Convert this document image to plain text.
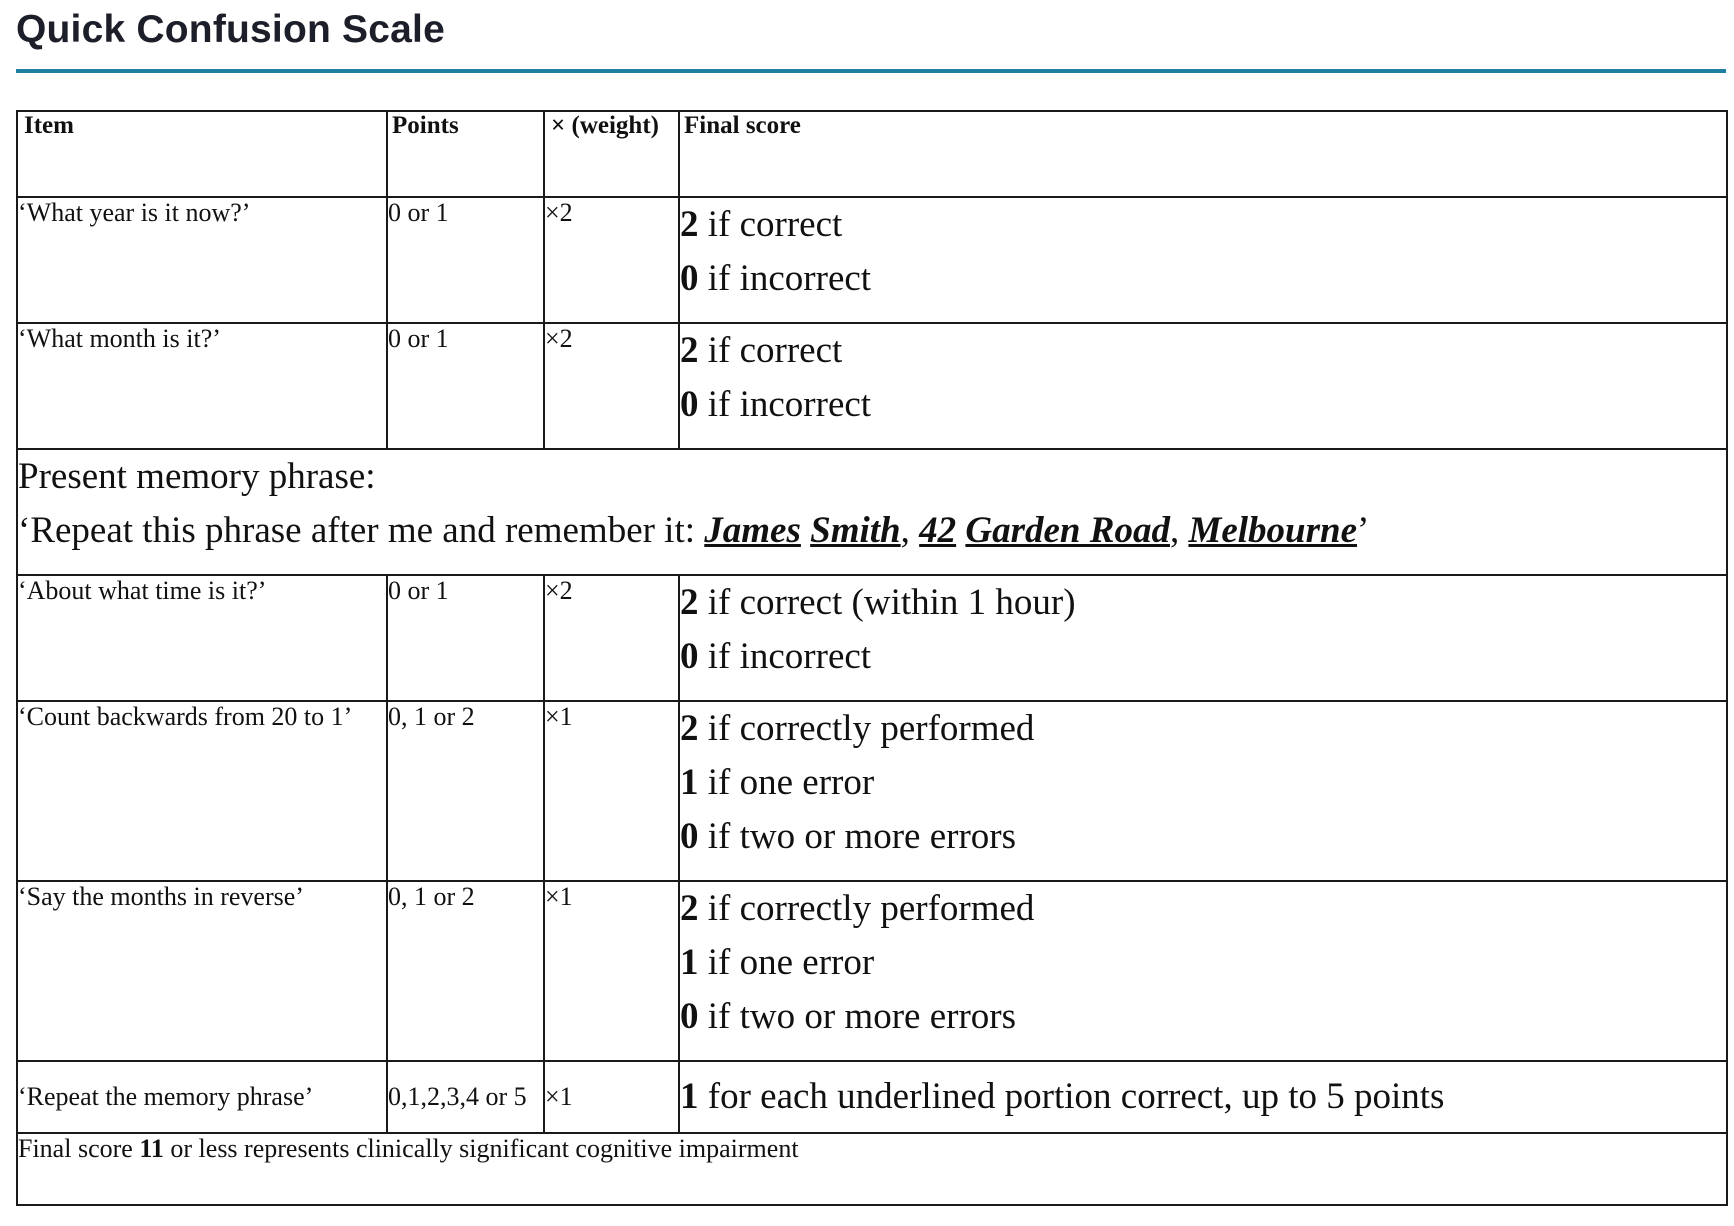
Quick Confusion Scale
Item	Points	× (weight)	Final score
‘What year is it now?’	0 or 1	×2	2 if correct
0 if incorrect

‘What month is it?’	0 or 1	×2	2 if correct
0 if incorrect

Present memory phrase:
‘Repeat this phrase after me and remember it: James Smith, 42 Garden Road, Melbourne’			

‘About what time is it?’	0 or 1	×2	2 if correct (within 1 hour)
0 if incorrect

‘Count backwards from 20 to 1’	0, 1 or 2	×1	2 if correctly performed
1 if one error
0 if two or more errors

‘Say the months in reverse’	0, 1 or 2	×1	2 if correctly performed
1 if one error
0 if two or more errors

‘Repeat the memory phrase’	0,1,2,3,4 or 5	×1	1 for each underlined portion correct, up to 5 points

Final score 11 or less represents clinically significant cognitive impairment			
